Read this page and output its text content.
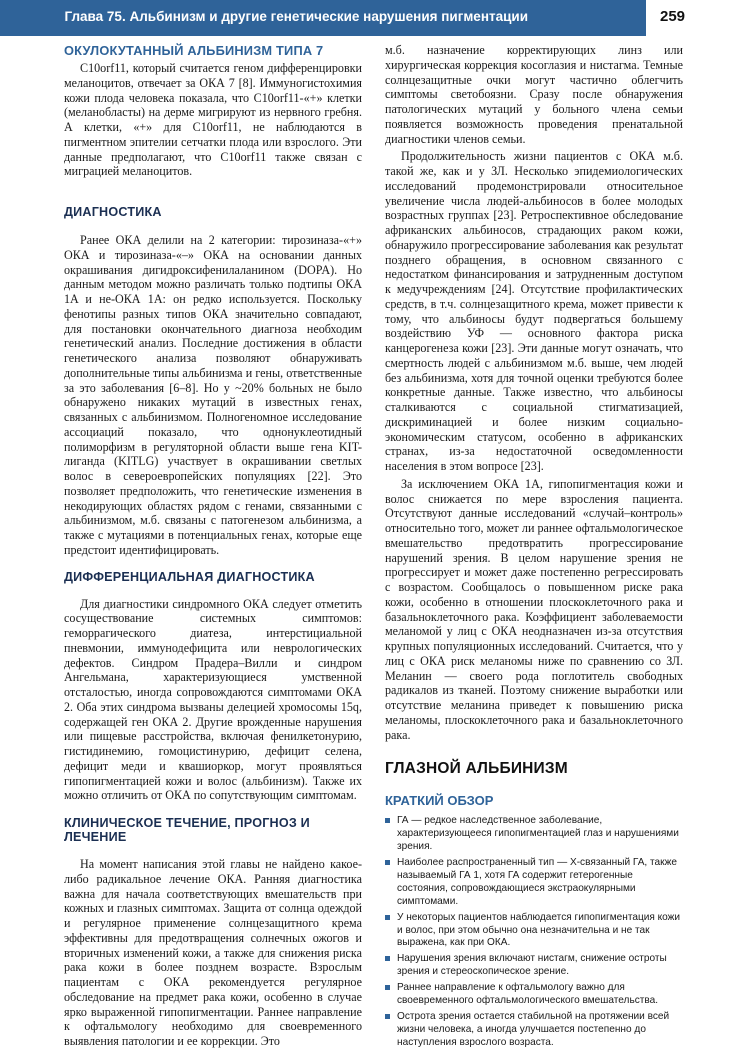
Глава 75. Альбинизм и другие генетические нарушения пигментации	259
ОКУЛОКУТАННЫЙ АЛЬБИНИЗМ ТИПА 7

C10orf11, который считается геном дифференцировки меланоцитов, отвечает за ОКА 7 [8]. Иммуногистохимия кожи плода человека показала, что C10orf11-«+» клетки (меланобласты) на дерме мигрируют из нервного гребня. А клетки, «+» для C10orf11, не наблюдаются в пигментном эпителии сетчатки плода или взрослого. Эти данные предполагают, что C10orf11 также связан с миграцией меланоцитов.

ДИАГНОСТИКА

Ранее ОКА делили на 2 категории: тирозиназа-«+» ОКА и тирозиназа-«–» ОКА на основании данных окрашивания дигидроксифенилаланином (DOPA). Но данным методом можно различать только подтипы ОКА 1A и не-ОКА 1A: он редко используется. Поскольку фенотипы разных типов ОКА значительно совпадают, для постановки окончательного диагноза необходим генетический анализ. Последние достижения в области генетического анализа позволяют обнаруживать дополнительные типы альбинизма и гены, ответственные за это заболевания [6–8]. Но у ~20% больных не было обнаружено никаких мутаций в известных генах, связанных с альбинизмом. Полногеномное исследование ассоциаций показало, что однонуклеотидный полиморфизм в регуляторной области выше гена KIT-лиганда (KITLG) участвует в окрашивании светлых волос в североевропейских популяциях [22]. Это позволяет предположить, что генетические изменения в некодирующих областях рядом с генами, связанными с альбинизмом, м.б. связаны с патогенезом альбинизма, а также с мутациями в потенциальных генах, которые еще предстоит идентифицировать.

ДИФФЕРЕНЦИАЛЬНАЯ ДИАГНОСТИКА

Для диагностики синдромного ОКА следует отметить сосуществование системных симптомов: геморрагического диатеза, интерстициальной пневмонии, иммунодефицита или неврологических дефектов. Синдром Прадера–Вилли и синдром Ангельмана, характеризующиеся умственной отсталостью, иногда сопровождаются симптомами ОКА 2. Оба этих синдрома вызваны делецией хромосомы 15q, содержащей ген ОКА 2. Другие врожденные нарушения или пищевые расстройства, включая фенилкетонурию, гистидинемию, гомоцистинурию, дефицит селена, дефицит меди и квашиоркор, могут проявляться гипопигментацией кожи и волос (альбинизм). Также их можно отличить от ОКА по сопутствующим симптомам.

КЛИНИЧЕСКОЕ ТЕЧЕНИЕ, ПРОГНОЗ И ЛЕЧЕНИЕ

На момент написания этой главы не найдено какое-либо радикальное лечение ОКА. Ранняя диагностика важна для начала соответствующих вмешательств при кожных и глазных симптомах. Защита от солнца одеждой и регулярное применение солнцезащитного крема эффективны для предотвращения солнечных ожогов и вторичных изменений кожи, а также для снижения риска рака кожи в более позднем возрасте. Взрослым пациентам с ОКА рекомендуется регулярное обследование на предмет рака кожи, особенно в случае ярко выраженной гипопигментации. Раннее направление к офтальмологу необходимо для своевременного выявления патологии и ее коррекции. Это

м.б. назначение корректирующих линз или хирургическая коррекция косоглазия и нистагма. Темные солнцезащитные очки могут частично облегчить симптомы светобоязни. Сразу после обнаружения патологических мутаций у больного члена семьи появляется возможность проведения пренатальной диагностики членов семьи.

Продолжительность жизни пациентов с ОКА м.б. такой же, как и у ЗЛ. Несколько эпидемиологических исследований продемонстрировали относительное увеличение числа людей-альбиносов в более молодых возрастных группах [23]. Ретроспективное обследование африканских альбиносов, страдающих раком кожи, обнаружило прогрессирование заболевания как результат позднего обращения, в основном связанного с недостатком финансирования и затрудненным доступом к медучреждениям [24]. Отсутствие профилактических средств, в т.ч. солнцезащитного крема, может привести к тому, что альбиносы будут подвергаться большему воздействию УФ — основного фактора риска канцерогенеза кожи [23]. Эти данные могут означать, что смертность людей с альбинизмом м.б. выше, чем людей без альбинизма, хотя для точной оценки требуются более конкретные данные. Также известно, что альбиносы сталкиваются с социальной стигматизацией, дискриминацией и более низким социально-экономическим статусом, особенно в африканских странах, из-за недостаточной осведомленности населения в этом вопросе [23].

За исключением ОКА 1A, гипопигментация кожи и волос снижается по мере взросления пациента. Отсутствуют данные исследований «случай–контроль» относительно того, может ли раннее офтальмологическое вмешательство предотвратить прогрессирование нарушений зрения. В целом нарушение зрения не прогрессирует и может даже постепенно регрессировать с возрастом. Сообщалось о повышенном риске рака кожи, особенно в отношении плоскоклеточного рака и базальноклеточного рака. Коэффициент заболеваемости меланомой у лиц с ОКА неодназначен из-за отсутствия крупных популяционных исследований. Считается, что у лиц с ОКА риск меланомы ниже по сравнению со ЗЛ. Меланин — своего рода поглотитель свободных радикалов из тканей. Поэтому снижение выработки или отсутствие меланина приведет к повышению риска меланомы, плоскоклеточного рака и базальноклеточного рака.

ГЛАЗНОЙ АЛЬБИНИЗМ
КРАТКИЙ ОБЗОР
ГА — редкое наследственное заболевание, характеризующееся гипопигментацией глаз и нарушениями зрения.
Наиболее распространенный тип — X-связанный ГА, также называемый ГА 1, хотя ГА содержит гетерогенные состояния, сопровождающиеся экстраокулярными симптомами.
У некоторых пациентов наблюдается гипопигментация кожи и волос, при этом обычно она незначительна и не так выражена, как при ОКА.
Нарушения зрения включают нистагм, снижение остроты зрения и стереоскопическое зрение.
Раннее направление к офтальмологу важно для своевременного офтальмологического вмешательства.
Острота зрения остается стабильной на протяжении всей жизни человека, а иногда улучшается постепенно до наступления взрослого возраста.
